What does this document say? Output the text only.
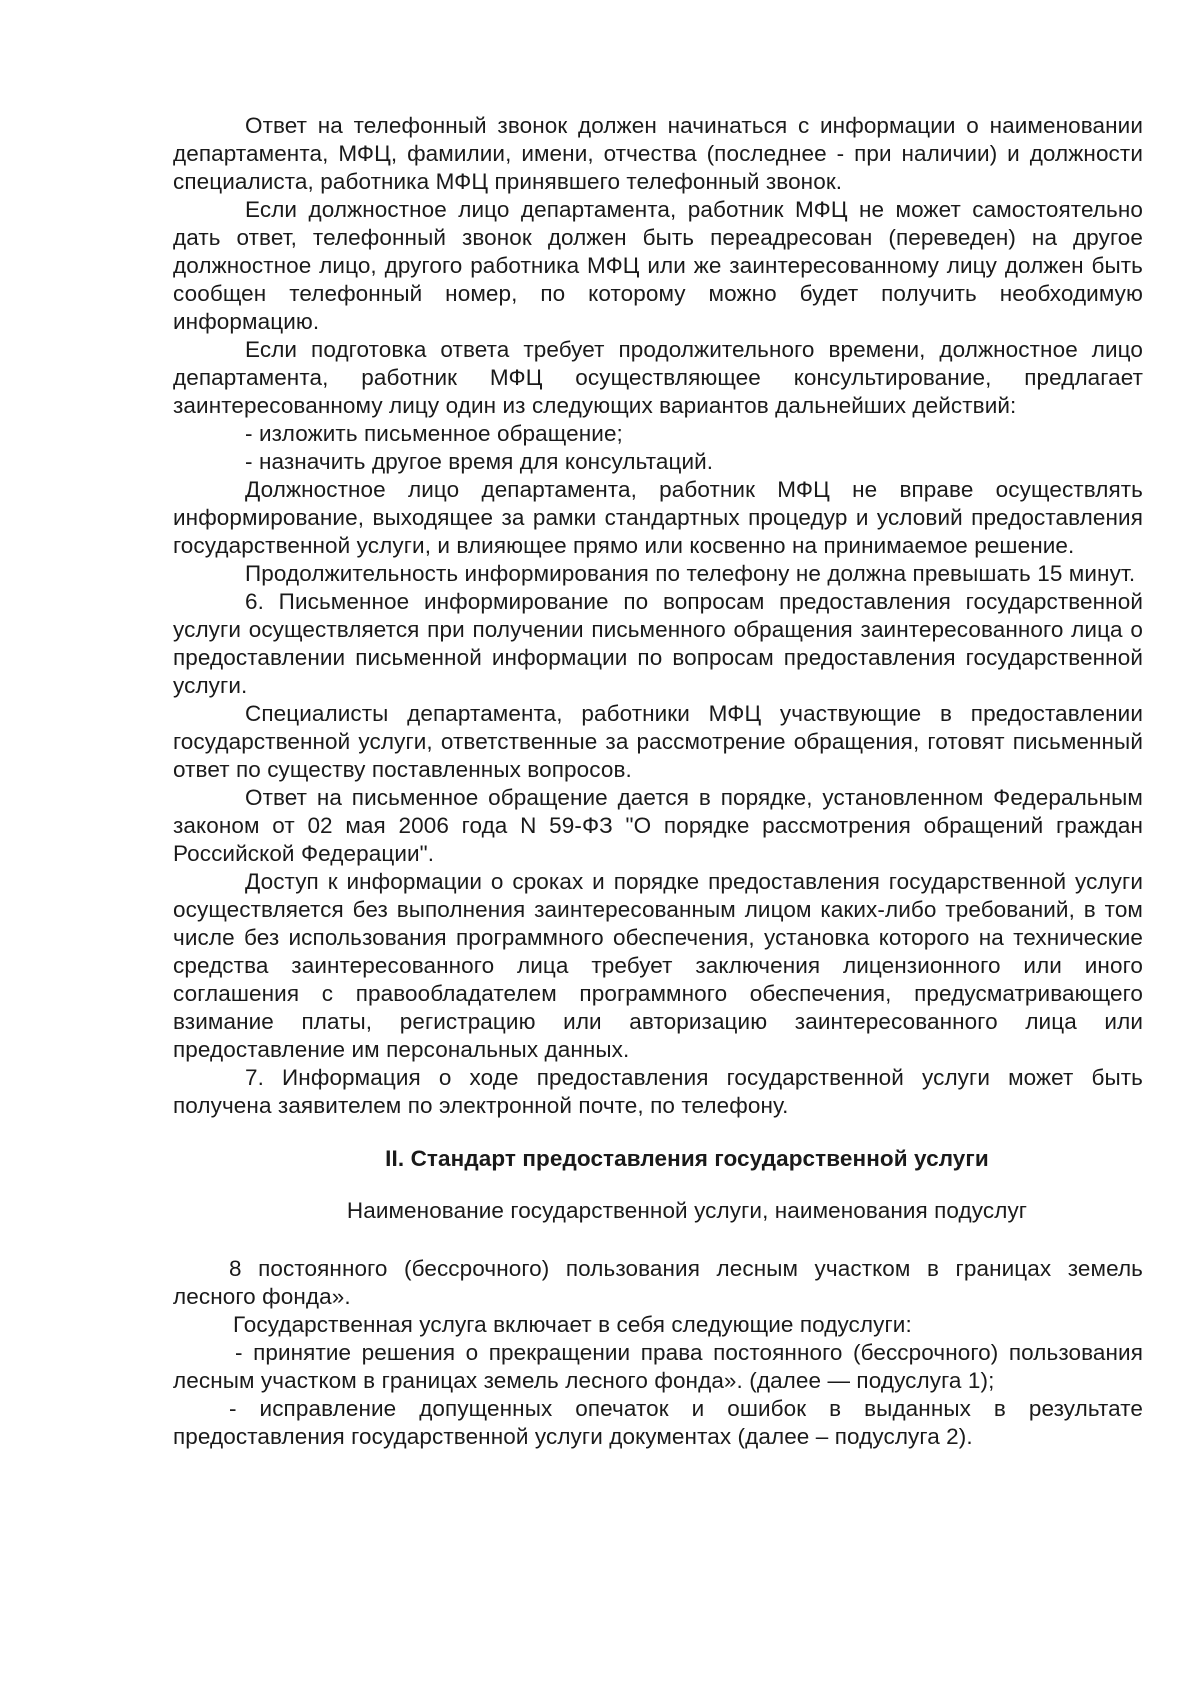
Ответ на телефонный звонок должен начинаться с информации о наименовании департамента, МФЦ, фамилии, имени, отчества (последнее - при наличии) и должности специалиста, работника МФЦ принявшего телефонный звонок.

Если должностное лицо департамента, работник МФЦ не может самостоятельно дать ответ, телефонный звонок должен быть переадресован (переведен) на другое должностное лицо, другого работника МФЦ или же заинтересованному лицу должен быть сообщен телефонный номер, по которому можно будет получить необходимую информацию.

Если подготовка ответа требует продолжительного времени, должностное лицо департамента, работник МФЦ осуществляющее консультирование, предлагает заинтересованному лицу один из следующих вариантов дальнейших действий:

- изложить письменное обращение;

- назначить другое время для консультаций.

Должностное лицо департамента, работник МФЦ не вправе осуществлять информирование, выходящее за рамки стандартных процедур и условий предоставления государственной услуги, и влияющее прямо или косвенно на принимаемое решение.

Продолжительность информирования по телефону не должна превышать 15 минут.

6. Письменное информирование по вопросам предоставления государственной услуги осуществляется при получении письменного обращения заинтересованного лица о предоставлении письменной информации по вопросам предоставления государственной услуги.

Специалисты департамента, работники МФЦ участвующие в предоставлении государственной услуги, ответственные за рассмотрение обращения, готовят письменный ответ по существу поставленных вопросов.

Ответ на письменное обращение дается в порядке, установленном Федеральным законом от 02 мая 2006 года N 59-ФЗ "О порядке рассмотрения обращений граждан Российской Федерации".

Доступ к информации о сроках и порядке предоставления государственной услуги осуществляется без выполнения заинтересованным лицом каких-либо требований, в том числе без использования программного обеспечения, установка которого на технические средства заинтересованного лица требует заключения лицензионного или иного соглашения с правообладателем программного обеспечения, предусматривающего взимание платы, регистрацию или авторизацию заинтересованного лица или предоставление им персональных данных.

7. Информация о ходе предоставления государственной услуги может быть получена заявителем по электронной почте, по телефону.

II. Стандарт предоставления государственной услуги

Наименование государственной услуги, наименования подуслуг

8 постоянного (бессрочного) пользования лесным участком в границах земель лесного фонда».

Государственная услуга включает в себя следующие подуслуги:

- принятие решения о прекращении права постоянного (бессрочного) пользования лесным участком в границах земель лесного фонда». (далее — подуслуга 1);

- исправление допущенных опечаток и ошибок в выданных в результате предоставления государственной услуги документах (далее – подуслуга 2).
